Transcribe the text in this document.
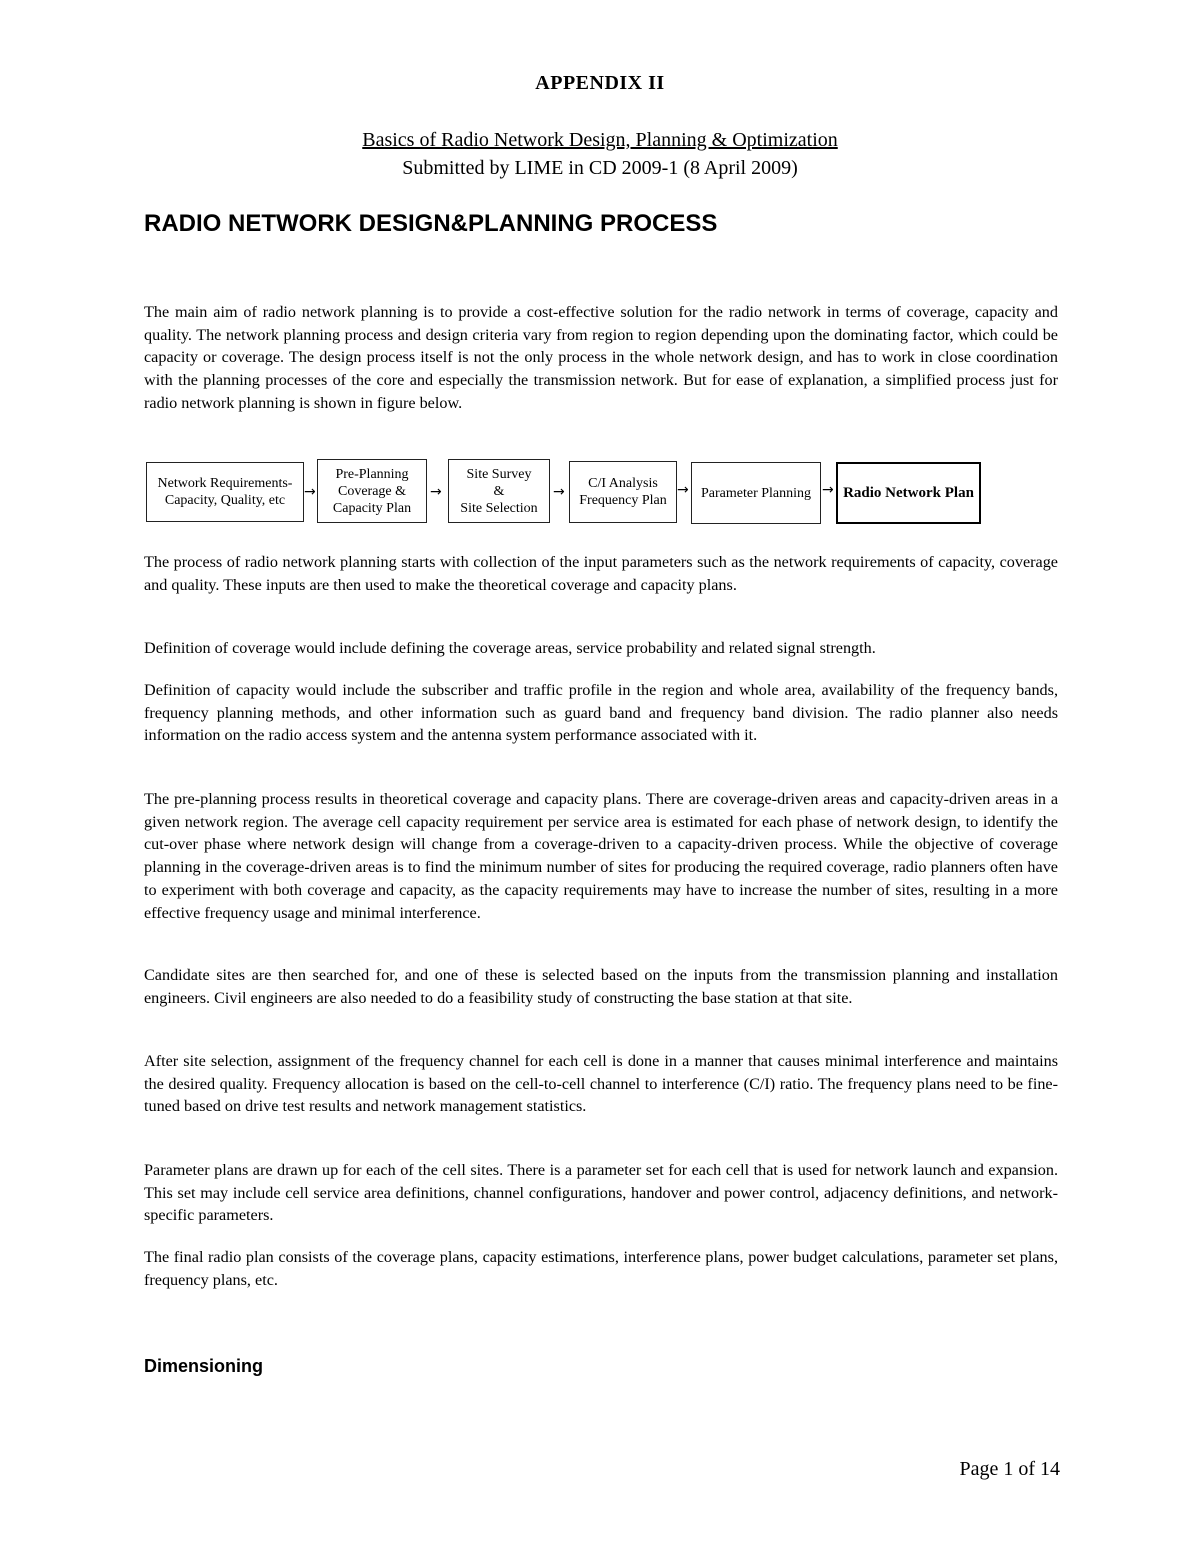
APPENDIX II
Basics of Radio Network Design, Planning & Optimization
Submitted by LIME in CD 2009-1 (8 April 2009)
RADIO NETWORK DESIGN&PLANNING PROCESS

The main aim of radio network planning is to provide a cost-effective solution for the radio network in terms of coverage, capacity and quality. The network planning process and design criteria vary from region to region depending upon the dominating factor, which could be capacity or coverage. The design process itself is not the only process in the whole network design, and has to work in close coordination with the planning processes of the core and especially the transmission network. But for ease of explanation, a simplified process just for radio network planning is shown in figure below.

Network Requirements-
Capacity, Quality, etc
→
Pre-Planning
Coverage &
Capacity Plan
→
Site Survey
&
Site Selection
→
C/I Analysis
Frequency Plan
→ Parameter Planning → Radio Network Plan

The process of radio network planning starts with collection of the input parameters such as the network requirements of capacity, coverage and quality. These inputs are then used to make the theoretical coverage and capacity plans.

Definition of coverage would include defining the coverage areas, service probability and related signal strength.

Definition of capacity would include the subscriber and traffic profile in the region and whole area, availability of the frequency bands, frequency planning methods, and other information such as guard band and frequency band division. The radio planner also needs information on the radio access system and the antenna system performance associated with it.

The pre-planning process results in theoretical coverage and capacity plans. There are coverage-driven areas and capacity-driven areas in a given network region. The average cell capacity requirement per service area is estimated for each phase of network design, to identify the cut-over phase where network design will change from a coverage-driven to a capacity-driven process. While the objective of coverage planning in the coverage-driven areas is to find the minimum number of sites for producing the required coverage, radio planners often have to experiment with both coverage and capacity, as the capacity requirements may have to increase the number of sites, resulting in a more effective frequency usage and minimal interference.

Candidate sites are then searched for, and one of these is selected based on the inputs from the transmission planning and installation engineers. Civil engineers are also needed to do a feasibility study of constructing the base station at that site.

After site selection, assignment of the frequency channel for each cell is done in a manner that causes minimal interference and maintains the desired quality. Frequency allocation is based on the cell-to-cell channel to interference (C/I) ratio. The frequency plans need to be fine-tuned based on drive test results and network management statistics.

Parameter plans are drawn up for each of the cell sites. There is a parameter set for each cell that is used for network launch and expansion. This set may include cell service area definitions, channel configurations, handover and power control, adjacency definitions, and network-specific parameters.

The final radio plan consists of the coverage plans, capacity estimations, interference plans, power budget calculations, parameter set plans, frequency plans, etc.

Dimensioning
Page 1 of 14
